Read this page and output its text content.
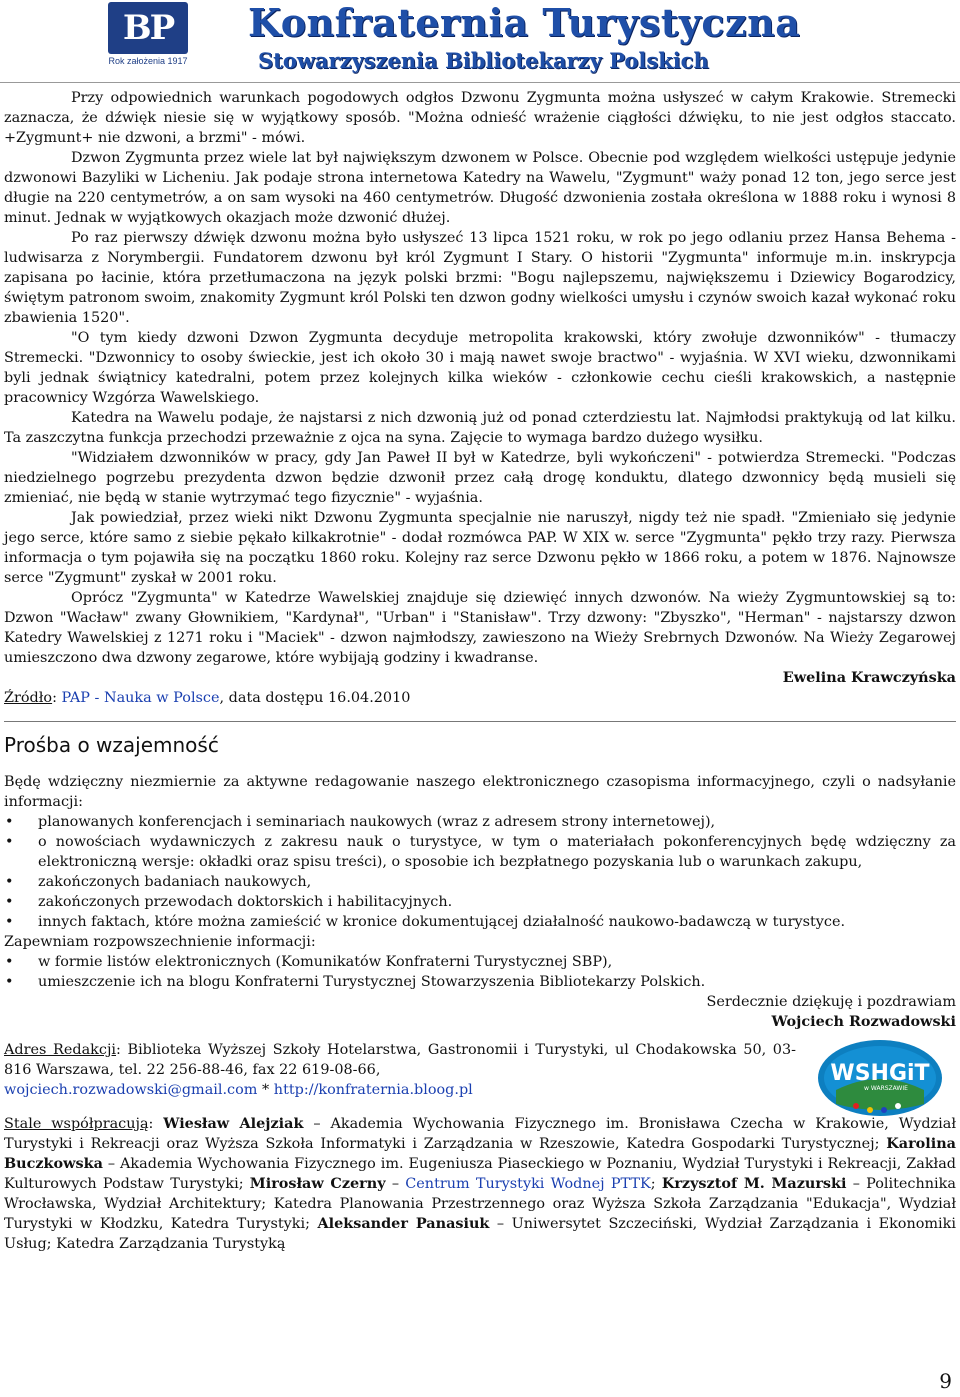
BP
Rok założenia 1917
Konfraternia Turystyczna
Stowarzyszenia Bibliotekarzy Polskich

Przy odpowiednich warunkach pogodowych odgłos Dzwonu Zygmunta można usłyszeć w całym Krakowie. Stremecki zaznacza, że dźwięk niesie się w wyjątkowy sposób. "Można odnieść wrażenie ciągłości dźwięku, to nie jest odgłos staccato. +Zygmunt+ nie dzwoni, a brzmi" - mówi.

Dzwon Zygmunta przez wiele lat był największym dzwonem w Polsce. Obecnie pod względem wielkości ustępuje jedynie dzwonowi Bazyliki w Licheniu. Jak podaje strona internetowa Katedry na Wawelu, "Zygmunt" waży ponad 12 ton, jego serce jest długie na 220 centymetrów, a on sam wysoki na 460 centymetrów. Długość dzwonienia została określona w 1888 roku i wynosi 8 minut. Jednak w wyjątkowych okazjach może dzwonić dłużej.

Po raz pierwszy dźwięk dzwonu można było usłyszeć 13 lipca 1521 roku, w rok po jego odlaniu przez Hansa Behema - ludwisarza z Norymbergii. Fundatorem dzwonu był król Zygmunt I Stary. O historii "Zygmunta" informuje m.in. inskrypcja zapisana po łacinie, która przetłumaczona na język polski brzmi: "Bogu najlepszemu, największemu i Dziewicy Bogarodzicy, świętym patronom swoim, znakomity Zygmunt król Polski ten dzwon godny wielkości umysłu i czynów swoich kazał wykonać roku zbawienia 1520".

"O tym kiedy dzwoni Dzwon Zygmunta decyduje metropolita krakowski, który zwołuje dzwonników" - tłumaczy Stremecki. "Dzwonnicy to osoby świeckie, jest ich około 30 i mają nawet swoje bractwo" - wyjaśnia. W XVI wieku, dzwonnikami byli jednak świątnicy katedralni, potem przez kolejnych kilka wieków - członkowie cechu cieśli krakowskich, a następnie pracownicy Wzgórza Wawelskiego.

Katedra na Wawelu podaje, że najstarsi z nich dzwonią już od ponad czterdziestu lat. Najmłodsi praktykują od lat kilku. Ta zaszczytna funkcja przechodzi przeważnie z ojca na syna. Zajęcie to wymaga bardzo dużego wysiłku.

"Widziałem dzwonników w pracy, gdy Jan Paweł II był w Katedrze, byli wykończeni" - potwierdza Stremecki. "Podczas niedzielnego pogrzebu prezydenta dzwon będzie dzwonił przez całą drogę konduktu, dlatego dzwonnicy będą musieli się zmieniać, nie będą w stanie wytrzymać tego fizycznie" - wyjaśnia.

Jak powiedział, przez wieki nikt Dzwonu Zygmunta specjalnie nie naruszył, nigdy też nie spadł. "Zmieniało się jedynie jego serce, które samo z siebie pękało kilkakrotnie" - dodał rozmówca PAP. W XIX w. serce "Zygmunta" pękło trzy razy. Pierwsza informacja o tym pojawiła się na początku 1860 roku. Kolejny raz serce Dzwonu pękło w 1866 roku, a potem w 1876. Najnowsze serce "Zygmunt" zyskał w 2001 roku.

Oprócz "Zygmunta" w Katedrze Wawelskiej znajduje się dziewięć innych dzwonów. Na wieży Zygmuntowskiej są to: Dzwon "Wacław" zwany Głownikiem, "Kardynał", "Urban" i "Stanisław". Trzy dzwony: "Zbyszko", "Herman" - najstarszy dzwon Katedry Wawelskiej z 1271 roku i "Maciek" - dzwon najmłodszy, zawieszono na Wieży Srebrnych Dzwonów. Na Wieży Zegarowej umieszczono dwa dzwony zegarowe, które wybijają godziny i kwadranse.

Ewelina Krawczyńska

Źródło: PAP - Nauka w Polsce, data dostępu 16.04.2010

Prośba o wzajemność

Będę wdzięczny niezmiernie za aktywne redagowanie naszego elektronicznego czasopisma informacyjnego, czyli o nadsyłanie informacji:

• planowanych konferencjach i seminariach naukowych (wraz z adresem strony internetowej),
• o nowościach wydawniczych z zakresu nauk o turystyce, w tym o materiałach pokonferencyjnych będę wdzięczny za elektroniczną wersje: okładki oraz spisu treści), o sposobie ich bezpłatnego pozyskania lub o warunkach zakupu,
• zakończonych badaniach naukowych,
• zakończonych przewodach doktorskich i habilitacyjnych.
• innych faktach, które można zamieścić w kronice dokumentującej działalność naukowo-badawczą w turystyce.

Zapewniam rozpowszechnienie informacji:

• w formie listów elektronicznych (Komunikatów Konfraterni Turystycznej SBP),
• umieszczenie ich na blogu Konfraterni Turystycznej Stowarzyszenia Bibliotekarzy Polskich.

Serdecznie dziękuję i pozdrawiam

Wojciech Rozwadowski

Adres Redakcji: Biblioteka Wyższej Szkoły Hotelarstwa, Gastronomii i Turystyki, ul Chodakowska 50, 03-816 Warszawa, tel. 22 256-88-46, fax 22 619-08-66,
wojciech.rozwadowski@gmail.com * http://konfraternia.bloog.pl

WSHGiT
w WARSZAWIE

Stale współpracują: Wiesław Alejziak – Akademia Wychowania Fizycznego im. Bronisława Czecha w Krakowie, Wydział Turystyki i Rekreacji oraz Wyższa Szkoła Informatyki i Zarządzania w Rzeszowie, Katedra Gospodarki Turystycznej; Karolina Buczkowska – Akademia Wychowania Fizycznego im. Eugeniusza Piaseckiego w Poznaniu, Wydział Turystyki i Rekreacji, Zakład Kulturowych Podstaw Turystyki; Mirosław Czerny – Centrum Turystyki Wodnej PTTK; Krzysztof M. Mazurski – Politechnika Wrocławska, Wydział Architektury; Katedra Planowania Przestrzennego oraz Wyższa Szkoła Zarządzania "Edukacja", Wydział Turystyki w Kłodzku, Katedra Turystyki; Aleksander Panasiuk – Uniwersytet Szczeciński, Wydział Zarządzania i Ekonomiki Usług; Katedra Zarządzania Turystyką

9
